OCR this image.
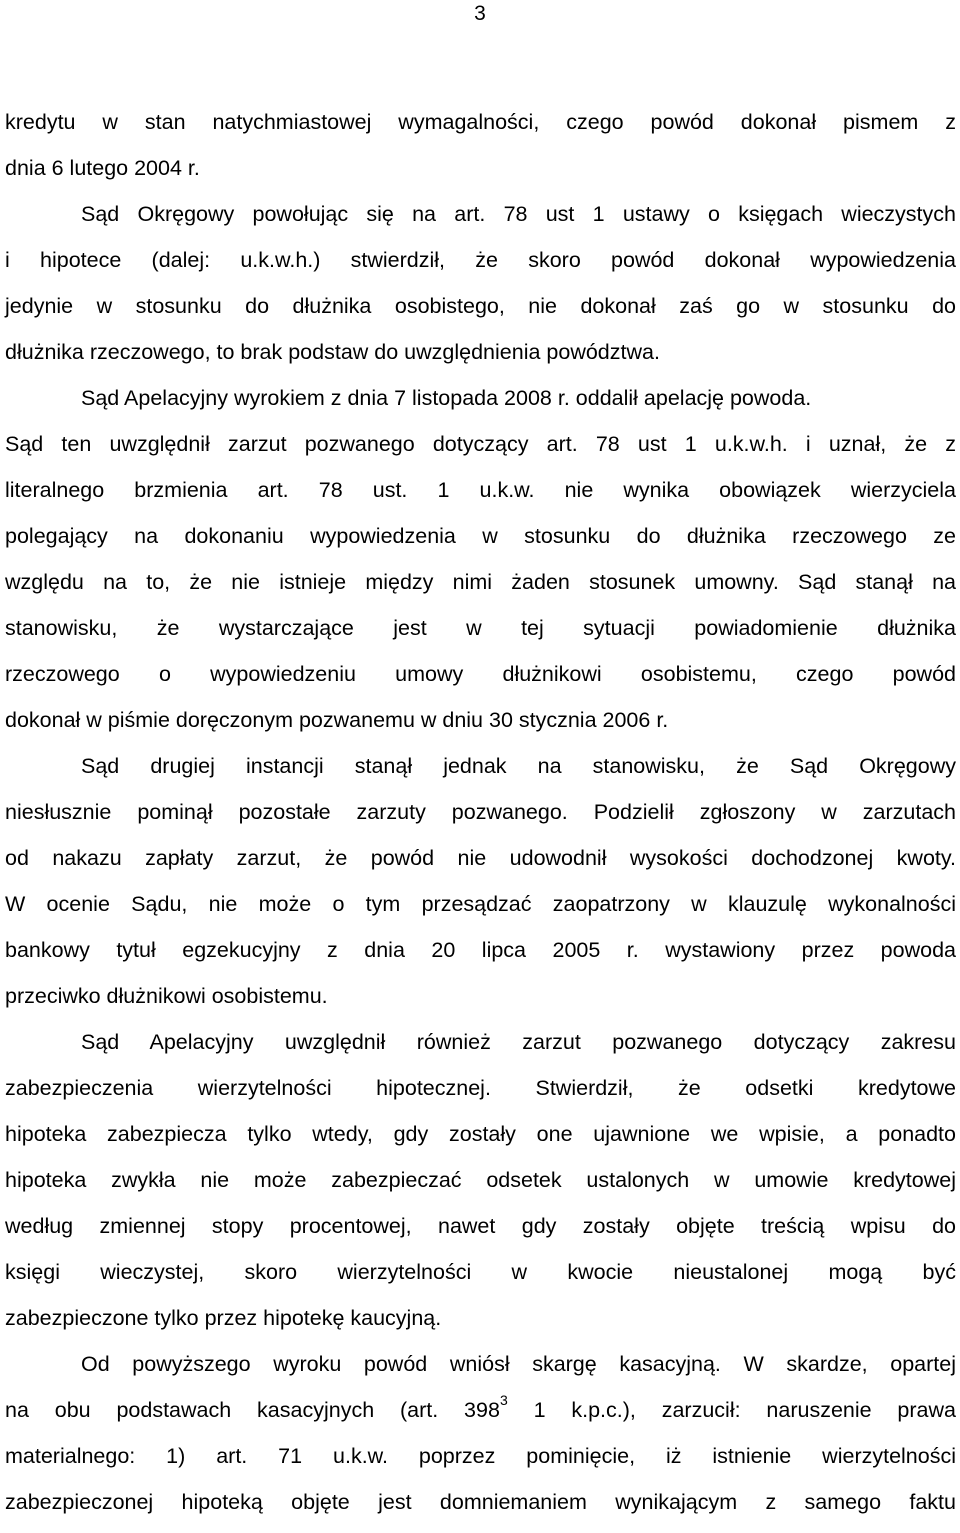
3

kredytu w stan natychmiastowej wymagalności, czego powód dokonał pismem z
dnia 6 lutego 2004 r.

Sąd Okręgowy powołując się na art. 78 ust 1 ustawy o księgach wieczystych
i hipotece (dalej: u.k.w.h.) stwierdził, że skoro powód dokonał wypowiedzenia
jedynie w stosunku do dłużnika osobistego, nie dokonał zaś go w stosunku do
dłużnika rzeczowego, to brak podstaw do uwzględnienia powództwa.

Sąd Apelacyjny wyrokiem z dnia 7 listopada 2008 r. oddalił apelację powoda.
Sąd ten uwzględnił zarzut pozwanego dotyczący art. 78 ust 1 u.k.w.h. i uznał, że z
literalnego brzmienia art. 78 ust. 1 u.k.w. nie wynika obowiązek wierzyciela
polegający na dokonaniu wypowiedzenia w stosunku do dłużnika rzeczowego ze
względu na to, że nie istnieje między nimi żaden stosunek umowny. Sąd stanął na
stanowisku, że wystarczające jest w tej sytuacji powiadomienie dłużnika
rzeczowego o wypowiedzeniu umowy dłużnikowi osobistemu, czego powód
dokonał w piśmie doręczonym pozwanemu w dniu 30 stycznia 2006 r.

Sąd drugiej instancji stanął jednak na stanowisku, że Sąd Okręgowy
niesłusznie pominął pozostałe zarzuty pozwanego. Podzielił zgłoszony w zarzutach
od nakazu zapłaty zarzut, że powód nie udowodnił wysokości dochodzonej kwoty.
W ocenie Sądu, nie może o tym przesądzać zaopatrzony w klauzulę wykonalności
bankowy tytuł egzekucyjny z dnia 20 lipca 2005 r. wystawiony przez powoda
przeciwko dłużnikowi osobistemu.

Sąd Apelacyjny uwzględnił również zarzut pozwanego dotyczący zakresu
zabezpieczenia wierzytelności hipotecznej. Stwierdził, że odsetki kredytowe
hipoteka zabezpiecza tylko wtedy, gdy zostały one ujawnione we wpisie, a ponadto
hipoteka zwykła nie może zabezpieczać odsetek ustalonych w umowie kredytowej
według zmiennej stopy procentowej, nawet gdy zostały objęte treścią wpisu do
księgi wieczystej, skoro wierzytelności w kwocie nieustalonej mogą być
zabezpieczone tylko przez hipotekę kaucyjną.

Od powyższego wyroku powód wniósł skargę kasacyjną. W skardze, opartej
na obu podstawach kasacyjnych (art. $398^3$ 1 k.p.c.), zarzucił: naruszenie prawa
materialnego: 1) art. 71 u.k.w. poprzez pominięcie, iż istnienie wierzytelności
zabezpieczonej hipoteką objęte jest domniemaniem wynikającym z samego faktu
